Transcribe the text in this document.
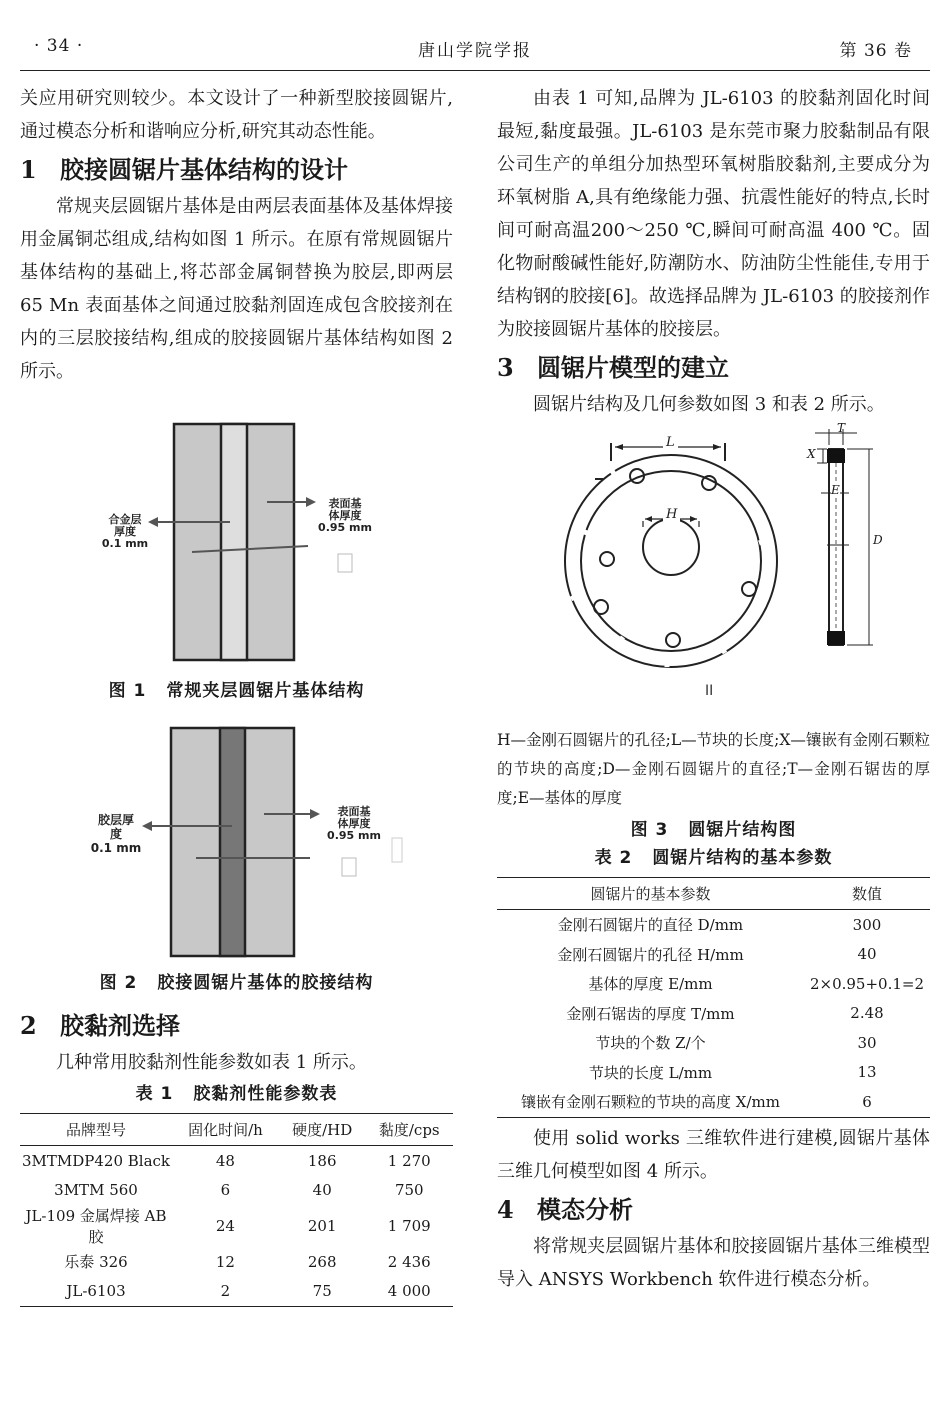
· 34 ·	唐山学院学报	第 36 卷

关应用研究则较少。本文设计了一种新型胶接圆锯片,通过模态分析和谐响应分析,研究其动态性能。

1 胶接圆锯片基体结构的设计

常规夹层圆锯片基体是由两层表面基体及基体焊接用金属铜芯组成,结构如图 1 所示。在原有常规圆锯片基体结构的基础上,将芯部金属铜替换为胶层,即两层 65 Mn 表面基体之间通过胶黏剂固连成包含胶接剂在内的三层胶接结构,组成的胶接圆锯片基体结构如图 2 所示。

合金层
厚度
0.1 mm
表面基
体厚度
0.95 mm
图 1 常规夹层圆锯片基体结构
胶层厚
度
0.1 mm
表面基
体厚度
0.95 mm
图 2 胶接圆锯片基体的胶接结构
2 胶黏剂选择

几种常用胶黏剂性能参数如表 1 所示。

表 1 胶黏剂性能参数表
品牌型号	固化时间/h	硬度/HD	黏度/cps
3MTMDP420 Black	48	186	1 270
3MTM 560	6	40	750
JL-109 金属焊接 AB 胶	24	201	1 709
乐泰 326	12	268	2 436
JL-6103	2	75	4 000

由表 1 可知,品牌为 JL-6103 的胶黏剂固化时间最短,黏度最强。JL-6103 是东莞市聚力胶黏制品有限公司生产的单组分加热型环氧树脂胶黏剂,主要成分为环氧树脂 A,具有绝缘能力强、抗震性能好的特点,长时间可耐高温200～250 ℃,瞬间可耐高温 400 ℃。固化物耐酸碱性能好,防潮防水、防油防尘性能佳,专用于结构钢的胶接[6]。故选择品牌为 JL-6103 的胶接剂作为胶接圆锯片基体的胶接层。

3 圆锯片模型的建立

圆锯片结构及几何参数如图 3 和表 2 所示。

L
H
T
X
E
D
II

H—金刚石圆锯片的孔径;L—节块的长度;X—镶嵌有金刚石颗粒的节块的高度;D—金刚石圆锯片的直径;T—金刚石锯齿的厚度;E—基体的厚度

图 3 圆锯片结构图
表 2 圆锯片结构的基本参数
圆锯片的基本参数	数值
金刚石圆锯片的直径 D/mm	300
金刚石圆锯片的孔径 H/mm	40
基体的厚度 E/mm	2×0.95+0.1=2
金刚石锯齿的厚度 T/mm	2.48
节块的个数 Z/个	30
节块的长度 L/mm	13
镶嵌有金刚石颗粒的节块的高度 X/mm	6

使用 solid works 三维软件进行建模,圆锯片基体三维几何模型如图 4 所示。

4 模态分析

将常规夹层圆锯片基体和胶接圆锯片基体三维模型导入 ANSYS Workbench 软件进行模态分析。
